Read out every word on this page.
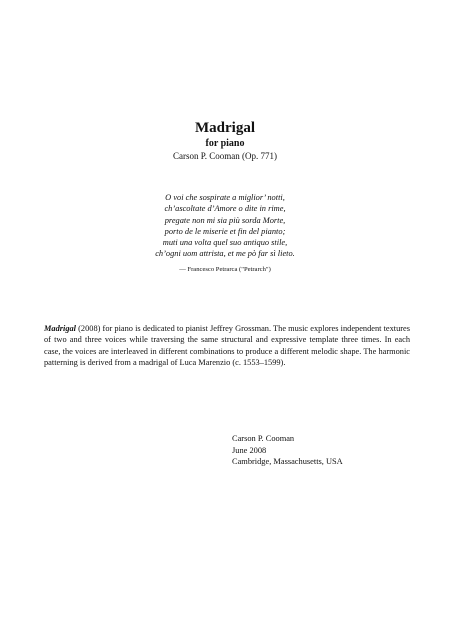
Madrigal
for piano
Carson P. Cooman (Op. 771)
O voi che sospirate a miglior’ notti,
ch’ascoltate d’Amore o dite in rime,
pregate non mi sia più sorda Morte,
porto de le miserie et fin del pianto;
muti una volta quel suo antiquo stile,
ch’ogni uom attrista, et me pò far sì lieto.
— Francesco Petrarca ("Petrarch")
Madrigal (2008) for piano is dedicated to pianist Jeffrey Grossman. The music explores independent textures of two and three voices while traversing the same structural and expressive template three times. In each case, the voices are interleaved in different combinations to produce a different melodic shape. The harmonic patterning is derived from a madrigal of Luca Marenzio (c. 1553–1599).
Carson P. Cooman
June 2008
Cambridge, Massachusetts, USA
